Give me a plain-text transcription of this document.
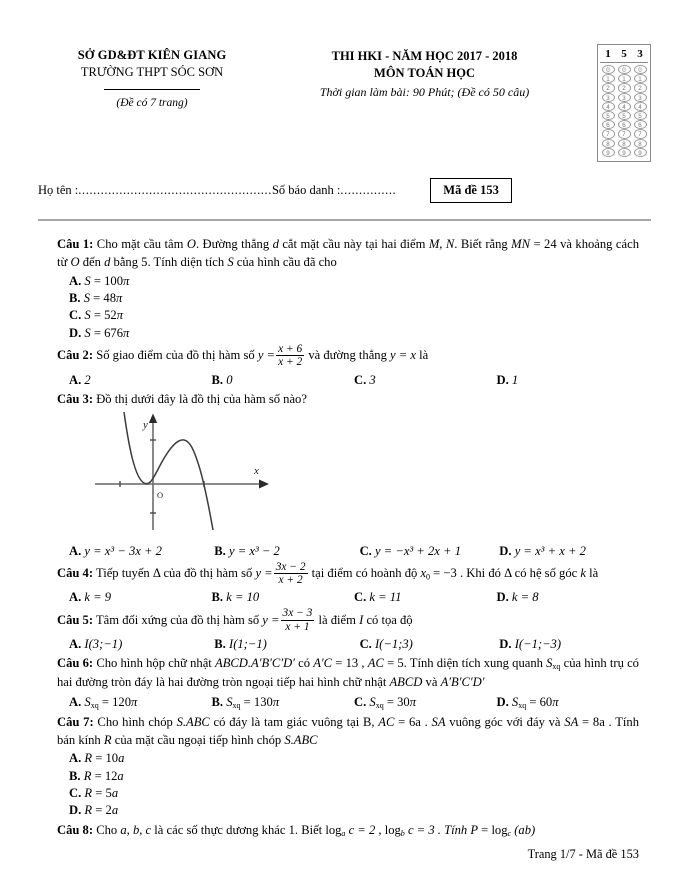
SỞ GD&ĐT KIÊN GIANG
TRƯỜNG THPT SÓC SƠN
(Đề có 7 trang)
THI HKI - NĂM HỌC 2017 - 2018
MÔN TOÁN HỌC
Thời gian làm bài: 90 Phút; (Đề có 50 câu)
1 5 3
0	0	0
1	1	1
2	2	2
3	3	3
4	4	4
5	5	5
6	6	6
7	7	7
8	8	8
9	9	9
Họ tên : .................................................... Số báo danh : ...............	Mã đề 153
Câu 1: Cho mặt cầu tâm O. Đường thẳng d cắt mặt cầu này tại hai điểm M, N. Biết rằng MN = 24 và khoảng cách từ O đến d bằng 5. Tính diện tích S của hình cầu đã cho
A. S = 100π
B. S = 48π
C. S = 52π
D. S = 676π
Câu 2: Số giao điểm của đồ thị hàm số $y = \frac{x + 6}{x + 2}$ và đường thẳng y = x là
A. 2	B. 0	C. 3	D. 1
Câu 3: Đồ thị dưới đây là đồ thị của hàm số nào?
y
x
O
A. y = x³ − 3x + 2	B. y = x³ − 2	C. y = −x³ + 2x + 1	D. y = x³ + x + 2
Câu 4: Tiếp tuyến Δ của đồ thị hàm số $y = \frac{3x - 2}{x + 2}$ tại điểm có hoành độ $x_0 = -3$ . Khi đó Δ có hệ số góc k là
A. k = 9	B. k = 10	C. k = 11	D. k = 8
Câu 5: Tâm đối xứng của đồ thị hàm số $y = \frac{3x - 3}{x + 1}$ là điểm I có tọa độ
A. I(3;−1)	B. I(1;−1)	C. I(−1;3)	D. I(−1;−3)
Câu 6: Cho hình hộp chữ nhật ABCD.A′B′C′D′ có A′C = 13 , AC = 5. Tính diện tích xung quanh $S_{xq}$ của hình trụ có hai đường tròn đáy là hai đường tròn ngoại tiếp hai hình chữ nhật ABCD và A′B′C′D′
A. $S_{xq} = 120\pi$	B. $S_{xq} = 130\pi$	C. $S_{xq} = 30\pi$	D. $S_{xq} = 60\pi$
Câu 7: Cho hình chóp S.ABC có đáy là tam giác vuông tại B, AC = 6a . SA vuông góc với đáy và SA = 8a . Tính bán kính R của mặt cầu ngoại tiếp hình chóp S.ABC
A. R = 10a
B. R = 12a
C. R = 5a
D. R = 2a
Câu 8: Cho a, b, c là các số thực dương khác 1. Biết $\log_a c = 2$ , $\log_b c = 3$ . Tính $P = \log_c (ab)$
Trang 1/7 - Mã đề 153
